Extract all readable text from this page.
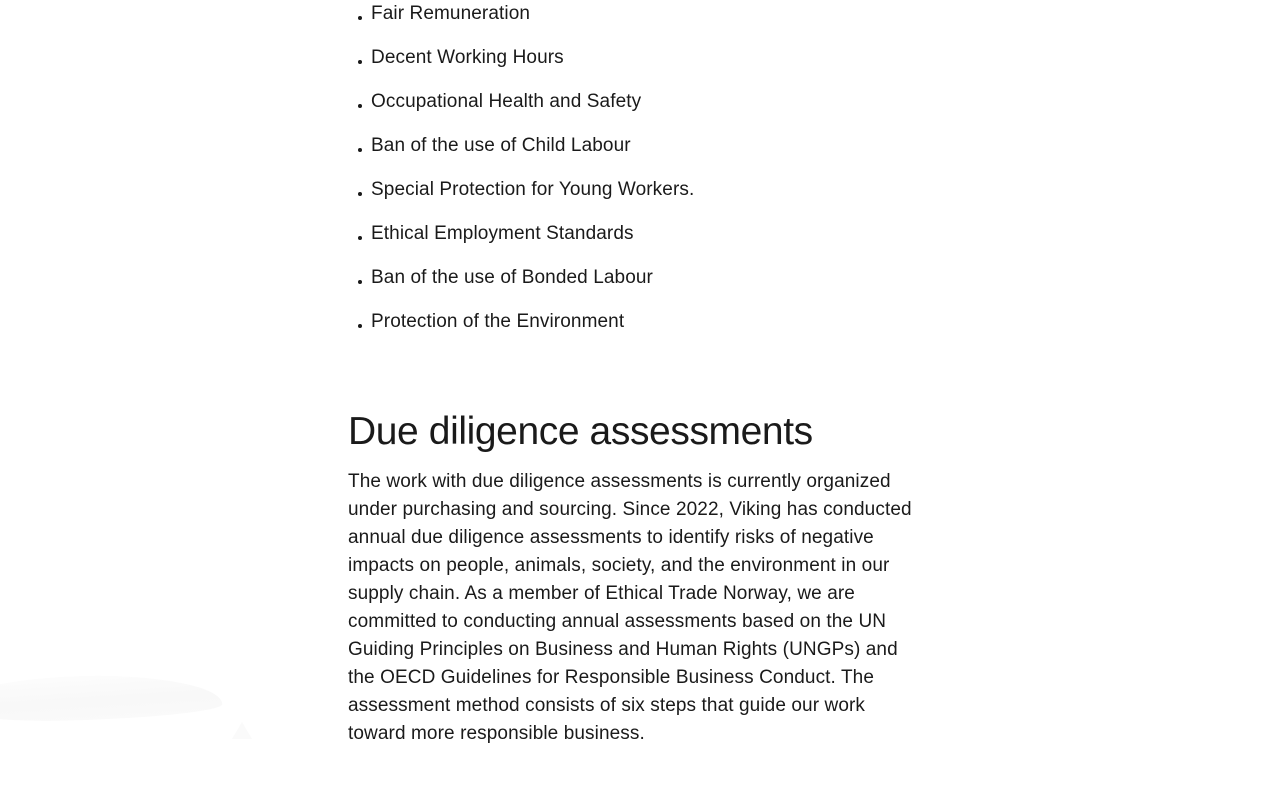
Fair Remuneration
Decent Working Hours
Occupational Health and Safety
Ban of the use of Child Labour
Special Protection for Young Workers.
Ethical Employment Standards
Ban of the use of Bonded Labour
Protection of the Environment
Due diligence assessments

The work with due diligence assessments is currently organized under purchasing and sourcing. Since 2022, Viking has conducted annual due diligence assessments to identify risks of negative impacts on people, animals, society, and the environment in our supply chain. As a member of Ethical Trade Norway, we are committed to conducting annual assessments based on the UN Guiding Principles on Business and Human Rights (UNGPs) and the OECD Guidelines for Responsible Business Conduct. The assessment method consists of six steps that guide our work toward more responsible business.
